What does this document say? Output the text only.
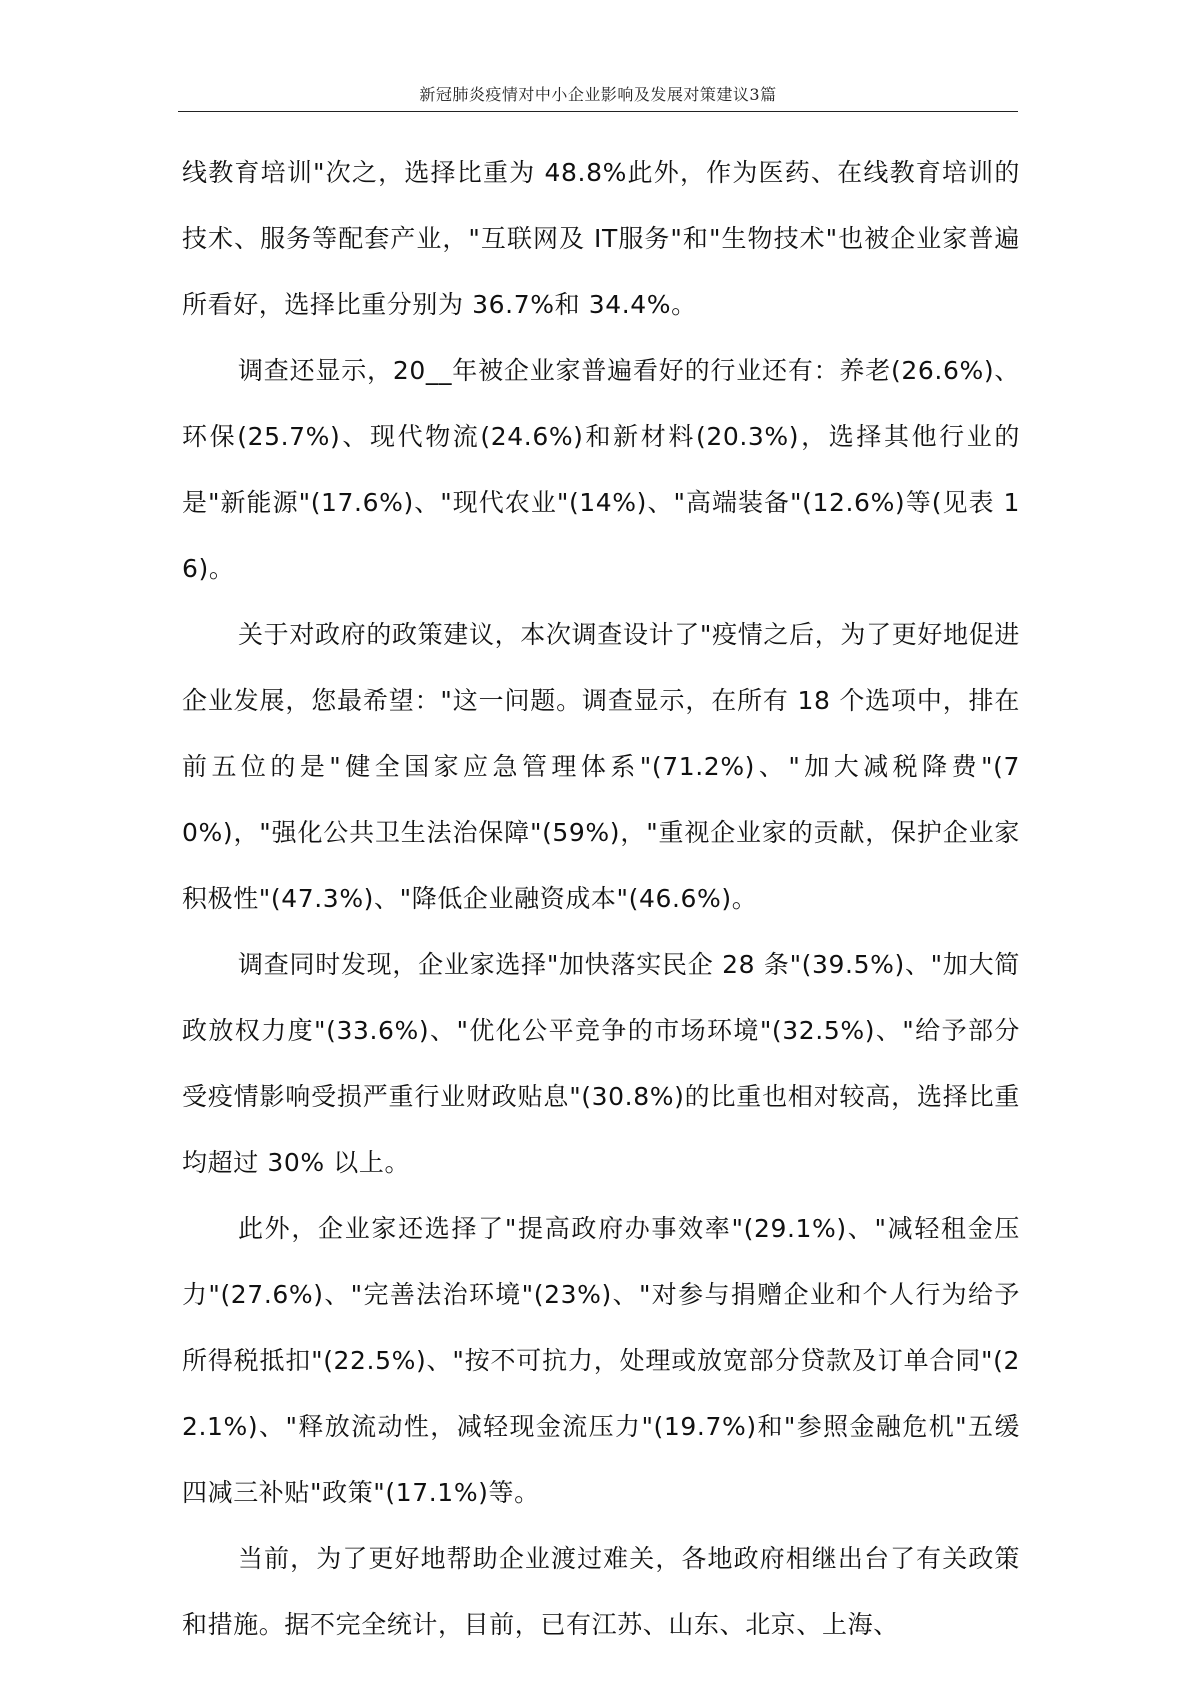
新冠肺炎疫情对中小企业影响及发展对策建议3篇

线教育培训"次之，选择比重为 48.8%此外，作为医药、在线教育培训的技术、服务等配套产业，"互联网及 IT服务"和"生物技术"也被企业家普遍所看好，选择比重分别为 36.7%和 34.4%。

调查还显示，20__年被企业家普遍看好的行业还有：养老(26.6%)、环保(25.7%)、现代物流(24.6%)和新材料(20.3%)，选择其他行业的是"新能源"(17.6%)、"现代农业"(14%)、"高端装备"(12.6%)等(见表 16)。

关于对政府的政策建议，本次调查设计了"疫情之后，为了更好地促进企业发展，您最希望："这一问题。调查显示，在所有 18 个选项中，排在前五位的是"健全国家应急管理体系"(71.2%)、"加大减税降费"(70%)，"强化公共卫生法治保障"(59%)，"重视企业家的贡献，保护企业家积极性"(47.3%)、"降低企业融资成本"(46.6%)。

调查同时发现，企业家选择"加快落实民企 28 条"(39.5%)、"加大简政放权力度"(33.6%)、"优化公平竞争的市场环境"(32.5%)、"给予部分受疫情影响受损严重行业财政贴息"(30.8%)的比重也相对较高，选择比重均超过 30% 以上。

此外，企业家还选择了"提高政府办事效率"(29.1%)、"减轻租金压力"(27.6%)、"完善法治环境"(23%)、"对参与捐赠企业和个人行为给予所得税抵扣"(22.5%)、"按不可抗力，处理或放宽部分贷款及订单合同"(22.1%)、"释放流动性，减轻现金流压力"(19.7%)和"参照金融危机"五缓四减三补贴"政策"(17.1%)等。

当前，为了更好地帮助企业渡过难关，各地政府相继出台了有关政策和措施。据不完全统计，目前，已有江苏、山东、北京、上海、
